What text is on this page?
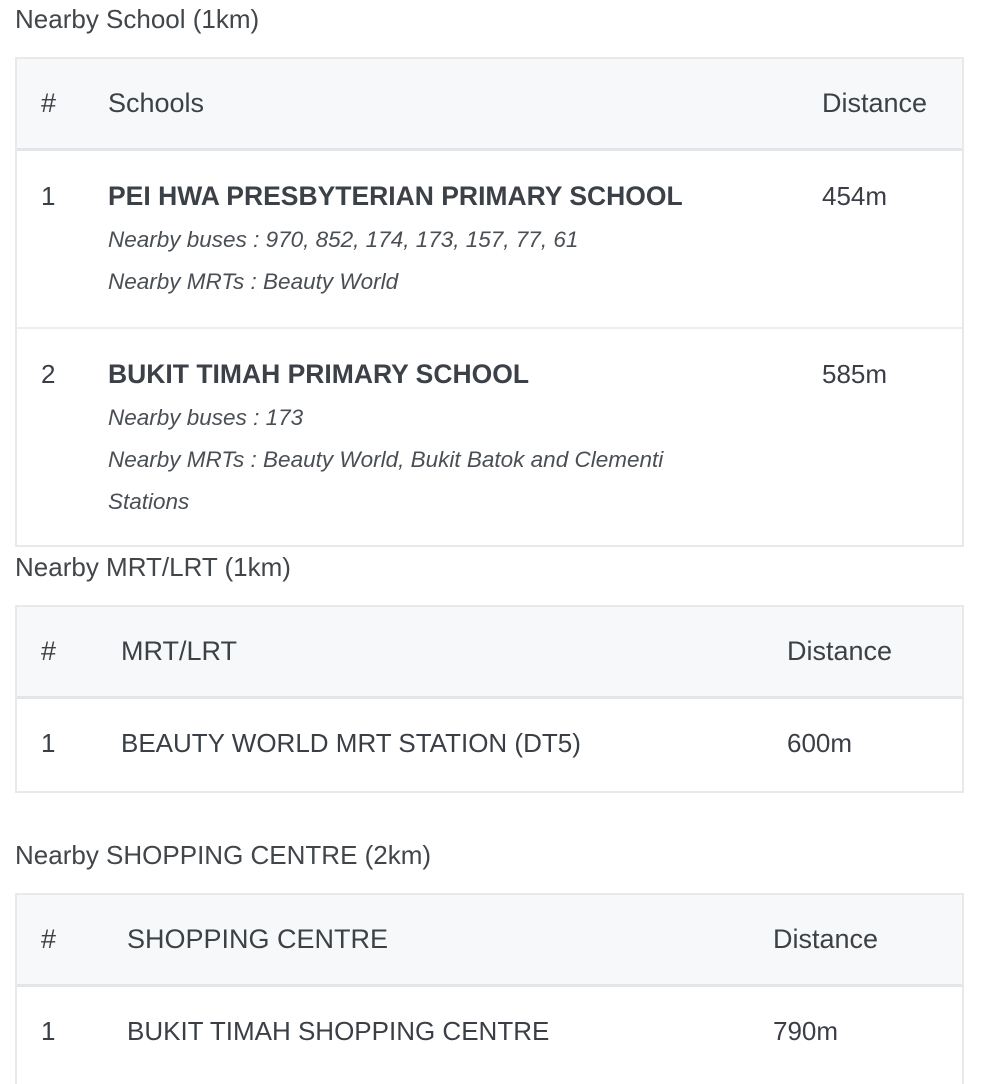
Nearby School (1km)
# Schools	Distance
1 PEI HWA PRESBYTERIAN PRIMARY SCHOOL	454m
Nearby buses : 970, 852, 174, 173, 157, 77, 61
Nearby MRTs : Beauty World
2 BUKIT TIMAH PRIMARY SCHOOL	585m
Nearby buses : 173
Nearby MRTs : Beauty World, Bukit Batok and Clementi
Stations
Nearby MRT/LRT (1km)
# MRT/LRT	Distance
1	BEAUTY WORLD MRT STATION (DT5)	600m
Nearby SHOPPING CENTRE (2km)
#	SHOPPING CENTRE	Distance
1	BUKIT TIMAH SHOPPING CENTRE	790m
